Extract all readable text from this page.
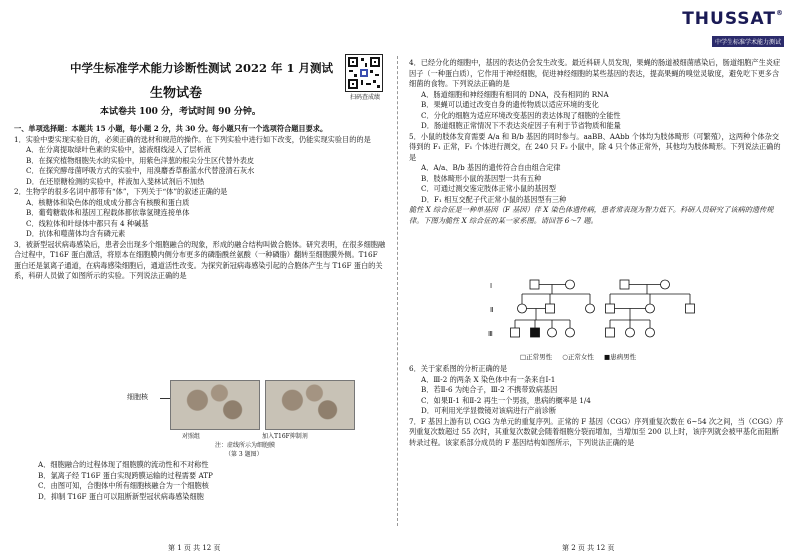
THUSSAT®
中学生标准学术能力测试
中学生标准学术能力诊断性测试 2022 年 1 月测试
生物试卷	扫码查成绩
本试卷共 100 分，考试时间 90 分钟。
一、单项选择题：本题共 15 小题，每小题 2 分，共 30 分。每小题只有一个选项符合题目要求。
1．实验中要实现实验目的，必须正确的选材和规范的操作。在下列实验中进行如下改变，仍能实现实验目的的是
A．在分离提取绿叶色素的实验中，滤液细线浸入了层析液
B．在探究植物细胞失水的实验中，用紫色洋葱的根尖分生区代替外表皮
C．在探究酵母菌呼吸方式的实验中，用溴麝香草酚蓝水代替澄清石灰水
D．在还原糖检测的实验中，样液加入斐林试剂后不加热
2．生物学的很多名词中都带有“体”，下列关于“体”的叙述正确的是
A．核糖体和染色体的组成成分都含有核酸和蛋白质
B．葡萄糖载体和基因工程载体都依靠氢键连接单体
C．线粒体和叶绿体中都只有 4 种碱基
D．抗体和噬菌体均含有磷元素
3．被新型冠状病毒感染后，患者会出现多个细胞融合的现象，形成的融合结构叫做合胞体。研究表明，在很多细胞融合过程中，T16F 蛋白激活，将原本在细胞膜内侧分布更多的磷脂酰丝氨酸（一种磷脂）翻转至细胞膜外侧。T16F 蛋白还是氯离子通道，在病毒感染细胞后，通道活性改变。为探究新冠病毒感染引起的合胞体产生与 T16F 蛋白的关系，科研人员做了如图所示的实验。下列说法正确的是
细胞核
对照组	加入T16F抑制剂
注：虚线所示为细胞膜
（第 3 题图）
A．细胞融合的过程体现了细胞膜的流动性和不对称性
B．氯离子经 T16F 蛋白实现跨膜运输的过程需要 ATP
C．由图可知，合胞体中所有细胞核融合为一个细胞核
D．抑制 T16F 蛋白可以阻断新型冠状病毒感染细胞
第 1 页 共 12 页
4．已经分化的细胞中，基因的表达仍会发生改变。最近科研人员发现，果蝇的肠道被细菌感染后，肠道细胞产生炎症因子（一种蛋白质），它作用于神经细胞，促进神经细胞的某些基因的表达，提高果蝇的嗅觉灵敏度，避免吃下更多含细菌的食物。下列说法正确的是
A．肠道细胞和神经细胞有相同的 DNA，没有相同的 RNA
B．果蝇可以通过改变自身的遗传物质以适应环境的变化
C．分化的细胞为适应环境改变基因的表达体现了细胞的全能性
D．肠道细胞正常情况下不表达炎症因子有利于节省物质和能量
5．小鼠的肢体发育需要 A/a 和 B/b 基因的同时参与。aaBB、AAbb 个体均为肢体畸形（可繁殖），这两种个体杂交得到的 F₁ 正常，F₁ 个体进行测交，在 240 只 F₂ 小鼠中，除 4 只个体正常外，其他均为肢体畸形。下列说法正确的是
A．A/a、B/b 基因的遗传符合自由组合定律
B．肢体畸形小鼠的基因型一共有五种
C．可通过测交鉴定肢体正常小鼠的基因型
D．F₁ 相互交配子代正常小鼠的基因型有三种
脆性 X 综合征是一种单基因（F 基因）伴 X 染色体遗传病，患者常表现为智力低下。科研人员研究了该病的遗传规律。下图为脆性 X 综合征的某一家系图。请回答 6～7 题。
Ⅰ
Ⅱ
Ⅲ
□正常男性 ○正常女性 ■患病男性
6．关于家系图的分析正确的是
A．Ⅲ-2 的两条 X 染色体中有一条来自Ⅰ-1
B．若Ⅱ-6 为纯合子，Ⅲ-2 不携带致病基因
C．如果Ⅱ-1 和Ⅱ-2 再生一个男孩，患病的概率是 1/4
D．可利用光学显微镜对该病进行产前诊断
7．F 基因上游有以 CGG 为单元的重复序列。正常的 F 基因（CGG）序列重复次数在 6~54 次之间，当（CGG）序列重复次数超过 55 次时，其重复次数就会随着细胞分裂而增加，当增加至 200 以上时，该序列就会被甲基化而阻断转录过程。该家系部分成员的 F 基因结构如图所示，下列说法正确的是
第 2 页 共 12 页
